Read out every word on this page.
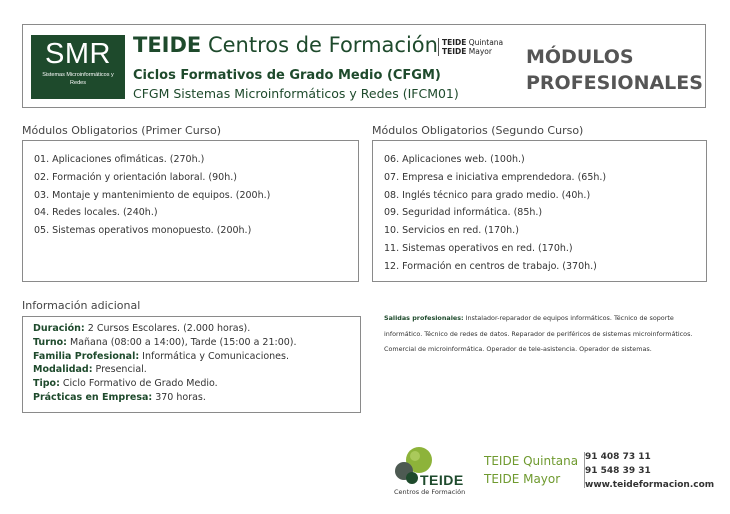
SMR
Sistemas Microinformáticos y Redes
TEIDE Centros de Formación TEIDE Quintana
TEIDE Mayor
Ciclos Formativos de Grado Medio (CFGM)
CFGM Sistemas Microinformáticos y Redes (IFCM01)
MÓDULOS
PROFESIONALES
Módulos Obligatorios (Primer Curso)
01. Aplicaciones ofimáticas. (270h.)
02. Formación y orientación laboral. (90h.)
03. Montaje y mantenimiento de equipos. (200h.)
04. Redes locales. (240h.)
05. Sistemas operativos monopuesto. (200h.)
Módulos Obligatorios (Segundo Curso)
06. Aplicaciones web. (100h.)
07. Empresa e iniciativa emprendedora. (65h.)
08. Inglés técnico para grado medio. (40h.)
09. Seguridad informática. (85h.)
10. Servicios en red. (170h.)
11. Sistemas operativos en red. (170h.)
12. Formación en centros de trabajo. (370h.)
Información adicional
Duración: 2 Cursos Escolares. (2.000 horas).
Turno: Mañana (08:00 a 14:00), Tarde (15:00 a 21:00).
Familia Profesional: Informática y Comunicaciones.
Modalidad: Presencial.
Tipo: Ciclo Formativo de Grado Medio.
Prácticas en Empresa: 370 horas.
Salidas profesionales: Instalador-reparador de equipos informáticos. Técnico de soporte informático. Técnico de redes de datos. Reparador de periféricos de sistemas microinformáticos. Comercial de microinformática. Operador de tele-asistencia. Operador de sistemas.
TEIDE
Centros de Formación
TEIDE Quintana
TEIDE Mayor
91 408 73 11
91 548 39 31
www.teideformacion.com
